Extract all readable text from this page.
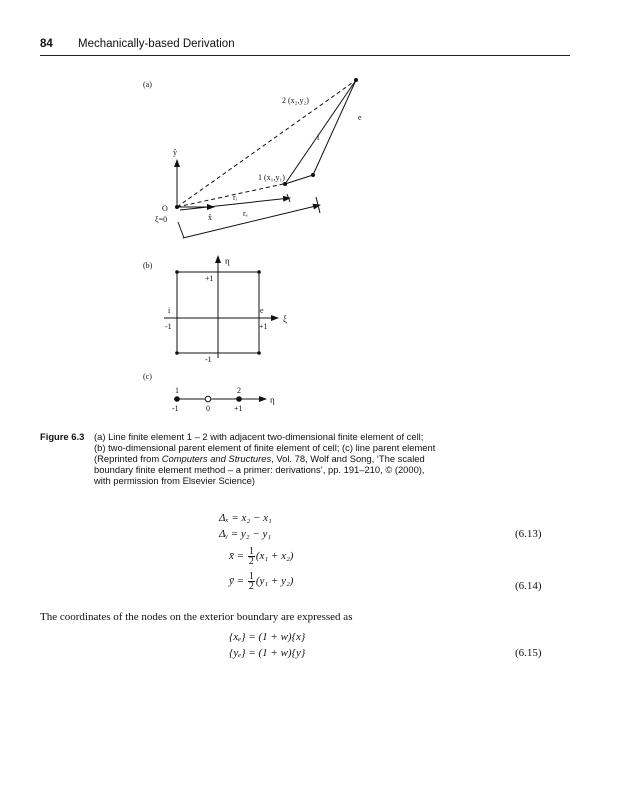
84 Mechanically-based Derivation
(a)
2 (x₂,y₂)
1 (x₁,y₁)
i
e
O
ξ=0
ŷ
x̂
rᵢ
rₑ
(b)	η
ξ
+1
-1
-1	+1
i	e
(c)
1	2
η
-1	0	+1
Figure 6.3 (a) Line finite element 1 – 2 with adjacent two-dimensional finite element of cell;
(b) two-dimensional parent element of finite element of cell; (c) line parent element
(Reprinted from Computers and Structures, Vol. 78, Wolf and Song, ‘The scaled
boundary finite element method – a primer: derivations’, pp. 191–210, © (2000),
with permission from Elsevier Science)
Δₓ = x₂ − x₁
Δᵧ = y₂ − y₁	(6.13)
x̄ = $\frac{1}{2} (x_1 + x_2)$
ȳ = $\frac{1}{2} (y_1 + y_2)$	(6.14)
The coordinates of the nodes on the exterior boundary are expressed as
{xₑ} = (1 + w){x}
{yₑ} = (1 + w){y}	(6.15)
